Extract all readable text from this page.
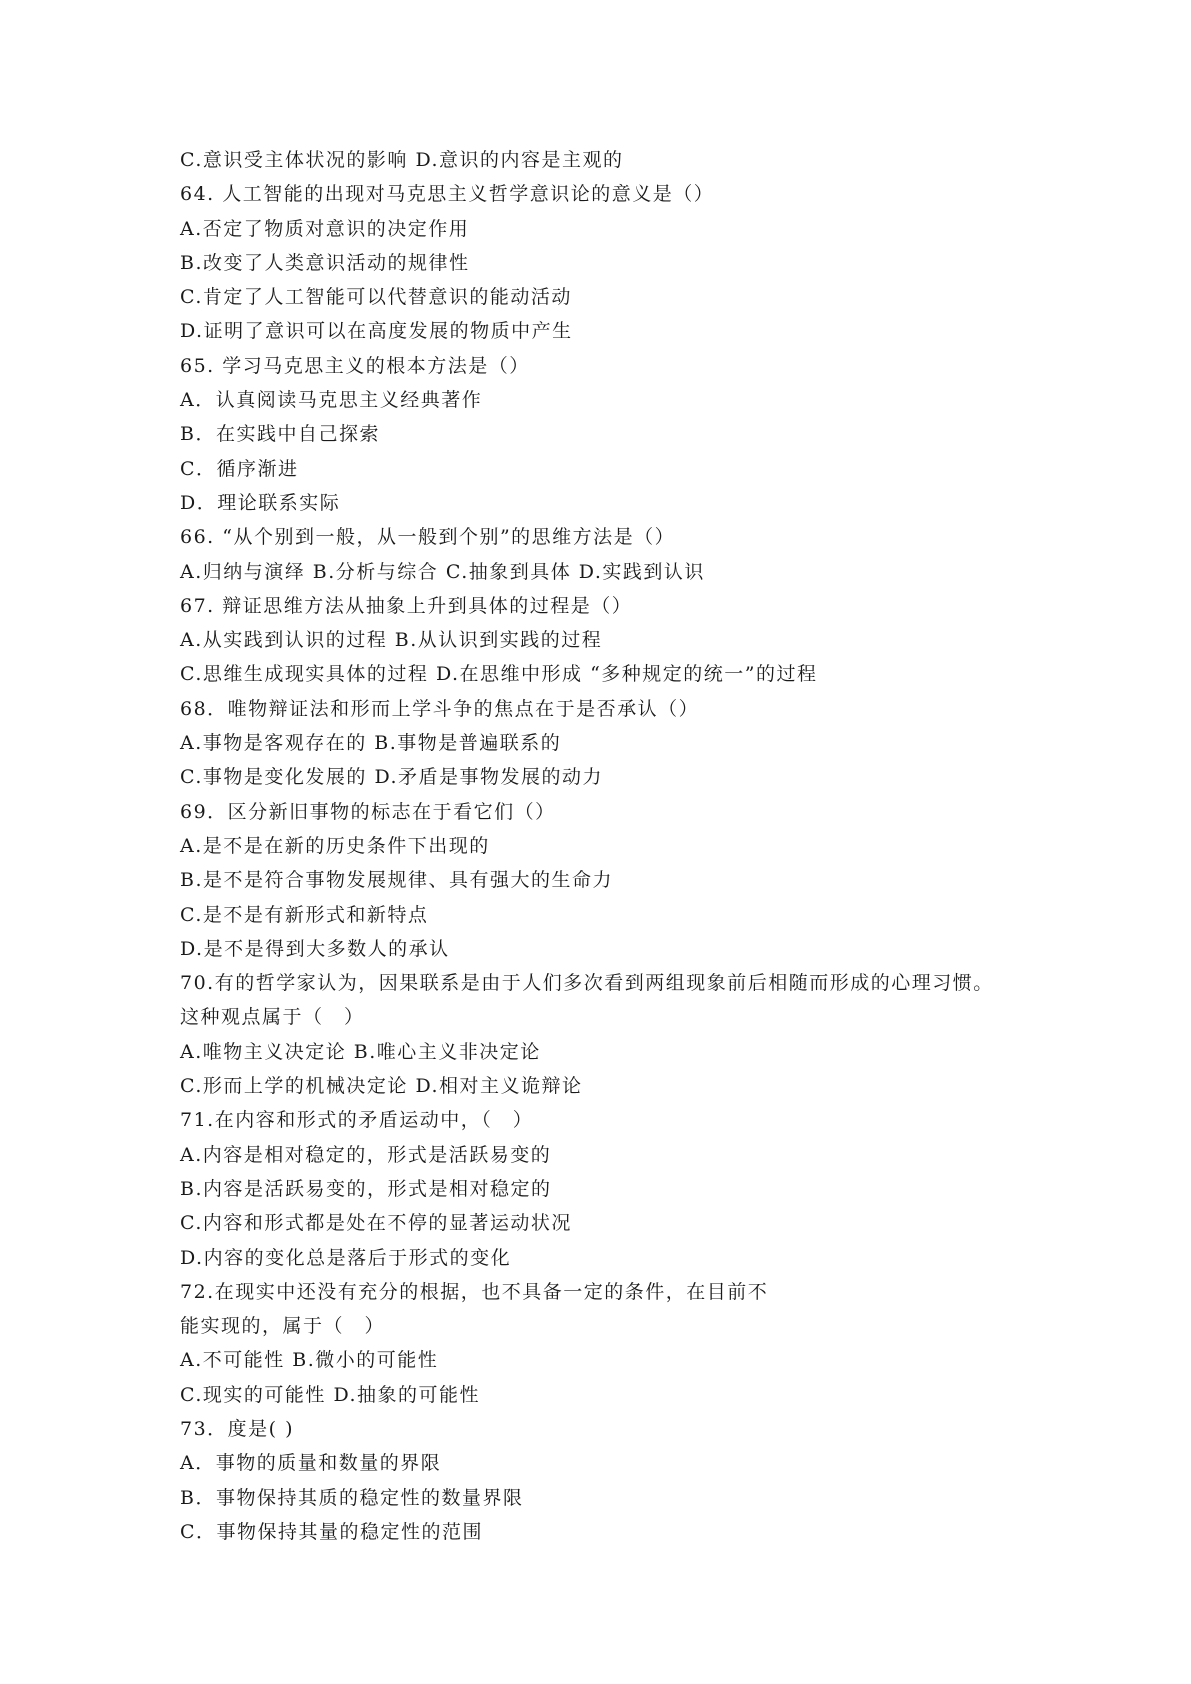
C.意识受主体状况的影响 D.意识的内容是主观的
64. 人工智能的出现对马克思主义哲学意识论的意义是（）
A.否定了物质对意识的决定作用
B.改变了人类意识活动的规律性
C.肯定了人工智能可以代替意识的能动活动
D.证明了意识可以在高度发展的物质中产生
65. 学习马克思主义的根本方法是（）
A．认真阅读马克思主义经典著作
B．在实践中自己探索
C．循序渐进
D．理论联系实际
66. “从个别到一般，从一般到个别”的思维方法是（）
A.归纳与演绎 B.分析与综合 C.抽象到具体 D.实践到认识
67. 辩证思维方法从抽象上升到具体的过程是（）
A.从实践到认识的过程 B.从认识到实践的过程
C.思维生成现实具体的过程 D.在思维中形成 “多种规定的统一”的过程
68．唯物辩证法和形而上学斗争的焦点在于是否承认（）
A.事物是客观存在的 B.事物是普遍联系的
C.事物是变化发展的 D.矛盾是事物发展的动力
69．区分新旧事物的标志在于看它们（）
A.是不是在新的历史条件下出现的
B.是不是符合事物发展规律、具有强大的生命力
C.是不是有新形式和新特点
D.是不是得到大多数人的承认
70.有的哲学家认为，因果联系是由于人们多次看到两组现象前后相随而形成的心理习惯。
这种观点属于（　）
A.唯物主义决定论 B.唯心主义非决定论
C.形而上学的机械决定论 D.相对主义诡辩论
71.在内容和形式的矛盾运动中，（　）
A.内容是相对稳定的，形式是活跃易变的
B.内容是活跃易变的，形式是相对稳定的
C.内容和形式都是处在不停的显著运动状况
D.内容的变化总是落后于形式的变化
72.在现实中还没有充分的根据，也不具备一定的条件，在目前不
能实现的，属于（　）
A.不可能性 B.微小的可能性
C.现实的可能性 D.抽象的可能性
73．度是( )
A．事物的质量和数量的界限
B．事物保持其质的稳定性的数量界限
C．事物保持其量的稳定性的范围
